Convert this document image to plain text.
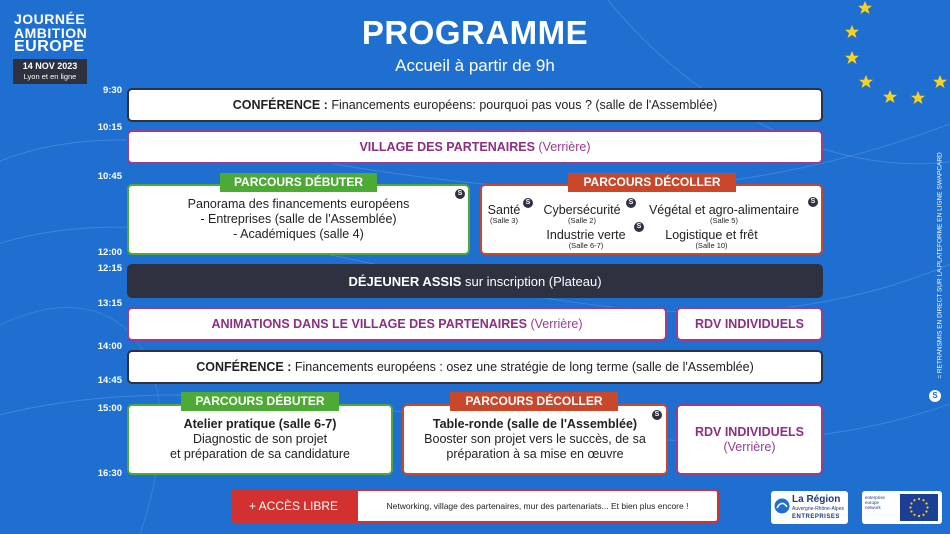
JOURNÉE
AMBITION
EUROPE
14 NOV 2023
Lyon et en ligne
PROGRAMME
Accueil à partir de 9h
9:30
10:15
10:45
12:00
12:15
13:15
14:00
14:45
15:00
16:30
CONFÉRENCE : Financements européens: pourquoi pas vous ? (salle de l'Assemblée)
VILLAGE DES PARTENAIRES (Verrière)
Panorama des financements européens
- Entreprises (salle de l'Assemblée)
- Académiques (salle 4)
PARCOURS DÉBUTER
S
PARCOURS DÉCOLLER
Santé
(Salle 3)
S
Cybersécurité
(Salle 2)
S
Végétal et agro-alimentaire
(Salle 5)
S
Industrie verte
(Salle 6-7)
S
Logistique et frêt
(Salle 10)
DÉJEUNER ASSIS sur inscription (Plateau)
ANIMATIONS DANS LE VILLAGE DES PARTENAIRES (Verrière)	RDV INDIVIDUELS
CONFÉRENCE : Financements européens : osez une stratégie de long terme (salle de l'Assemblée)
Atelier pratique (salle 6-7)
Diagnostic de son projet
et préparation de sa candidature
PARCOURS DÉBUTER
Table-ronde (salle de l'Assemblée)
Booster son projet vers le succès, de sa
préparation à sa mise en œuvre
PARCOURS DÉCOLLER
S
RDV INDIVIDUELS
(Verrière)
+ ACCÈS LIBRE	Networking, village des partenaires, mur des partenariats... Et bien plus encore !
La Région
Auvergne-Rhône-Alpes
ENTREPRISES
enterprise europe network
= RETRANSMIS EN DIRECT SUR LA PLATEFORME EN LIGNE SWAPCARD
S
